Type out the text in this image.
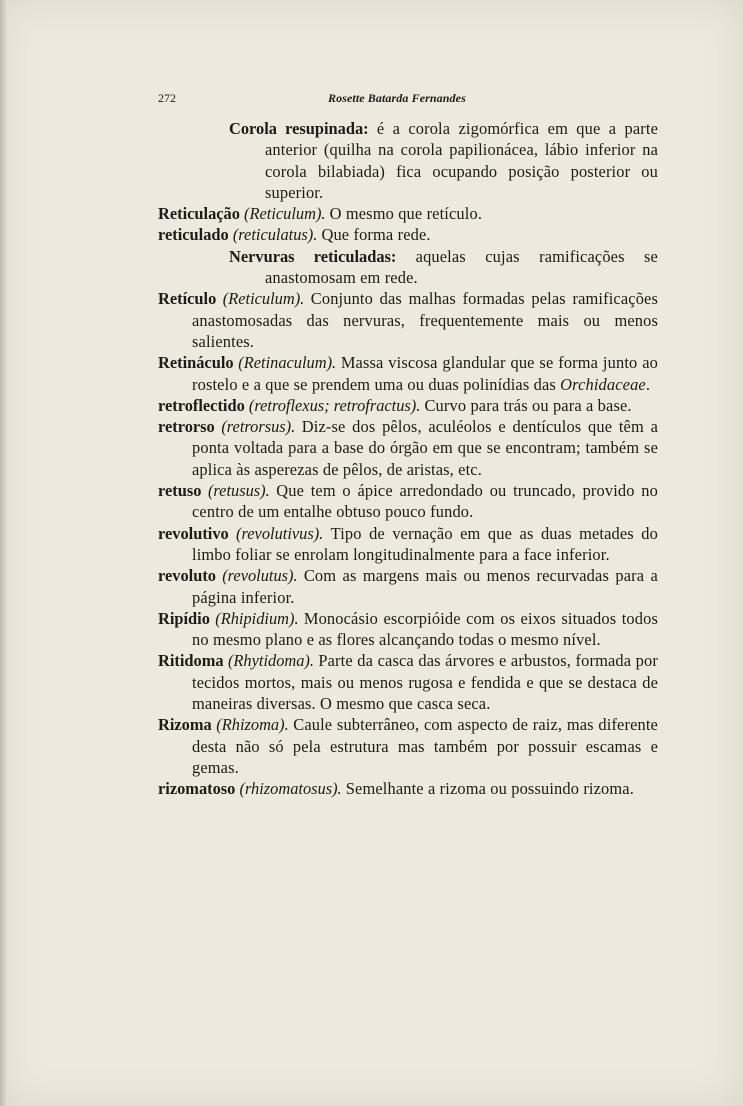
272	Rosette Batarda Fernandes

Corola resupinada: é a corola zigomórfica em que a parte anterior (quilha na corola papilionácea, lábio inferior na corola bilabiada) fica ocupando posição posterior ou superior.

Reticulação (Reticulum). O mesmo que retículo.

reticulado (reticulatus). Que forma rede.

Nervuras reticuladas: aquelas cujas ramificações se anastomosam em rede.

Retículo (Reticulum). Conjunto das malhas formadas pelas ramificações anastomosadas das nervuras, frequentemente mais ou menos salientes.

Retináculo (Retinaculum). Massa viscosa glandular que se forma junto ao rostelo e a que se prendem uma ou duas polinídias das Orchidaceae.

retroflectido (retroflexus; retrofractus). Curvo para trás ou para a base.

retrorso (retrorsus). Diz-se dos pêlos, aculéolos e dentículos que têm a ponta voltada para a base do órgão em que se encontram; também se aplica às asperezas de pêlos, de aristas, etc.

retuso (retusus). Que tem o ápice arredondado ou truncado, provido no centro de um entalhe obtuso pouco fundo.

revolutivo (revolutivus). Tipo de vernação em que as duas metades do limbo foliar se enrolam longitudinalmente para a face inferior.

revoluto (revolutus). Com as margens mais ou menos recurvadas para a página inferior.

Ripídio (Rhipidium). Monocásio escorpióide com os eixos situados todos no mesmo plano e as flores alcançando todas o mesmo nível.

Ritidoma (Rhytidoma). Parte da casca das árvores e arbustos, formada por tecidos mortos, mais ou menos rugosa e fendida e que se destaca de maneiras diversas. O mesmo que casca seca.

Rizoma (Rhizoma). Caule subterrâneo, com aspecto de raiz, mas diferente desta não só pela estrutura mas também por possuir escamas e gemas.

rizomatoso (rhizomatosus). Semelhante a rizoma ou possuindo rizoma.
